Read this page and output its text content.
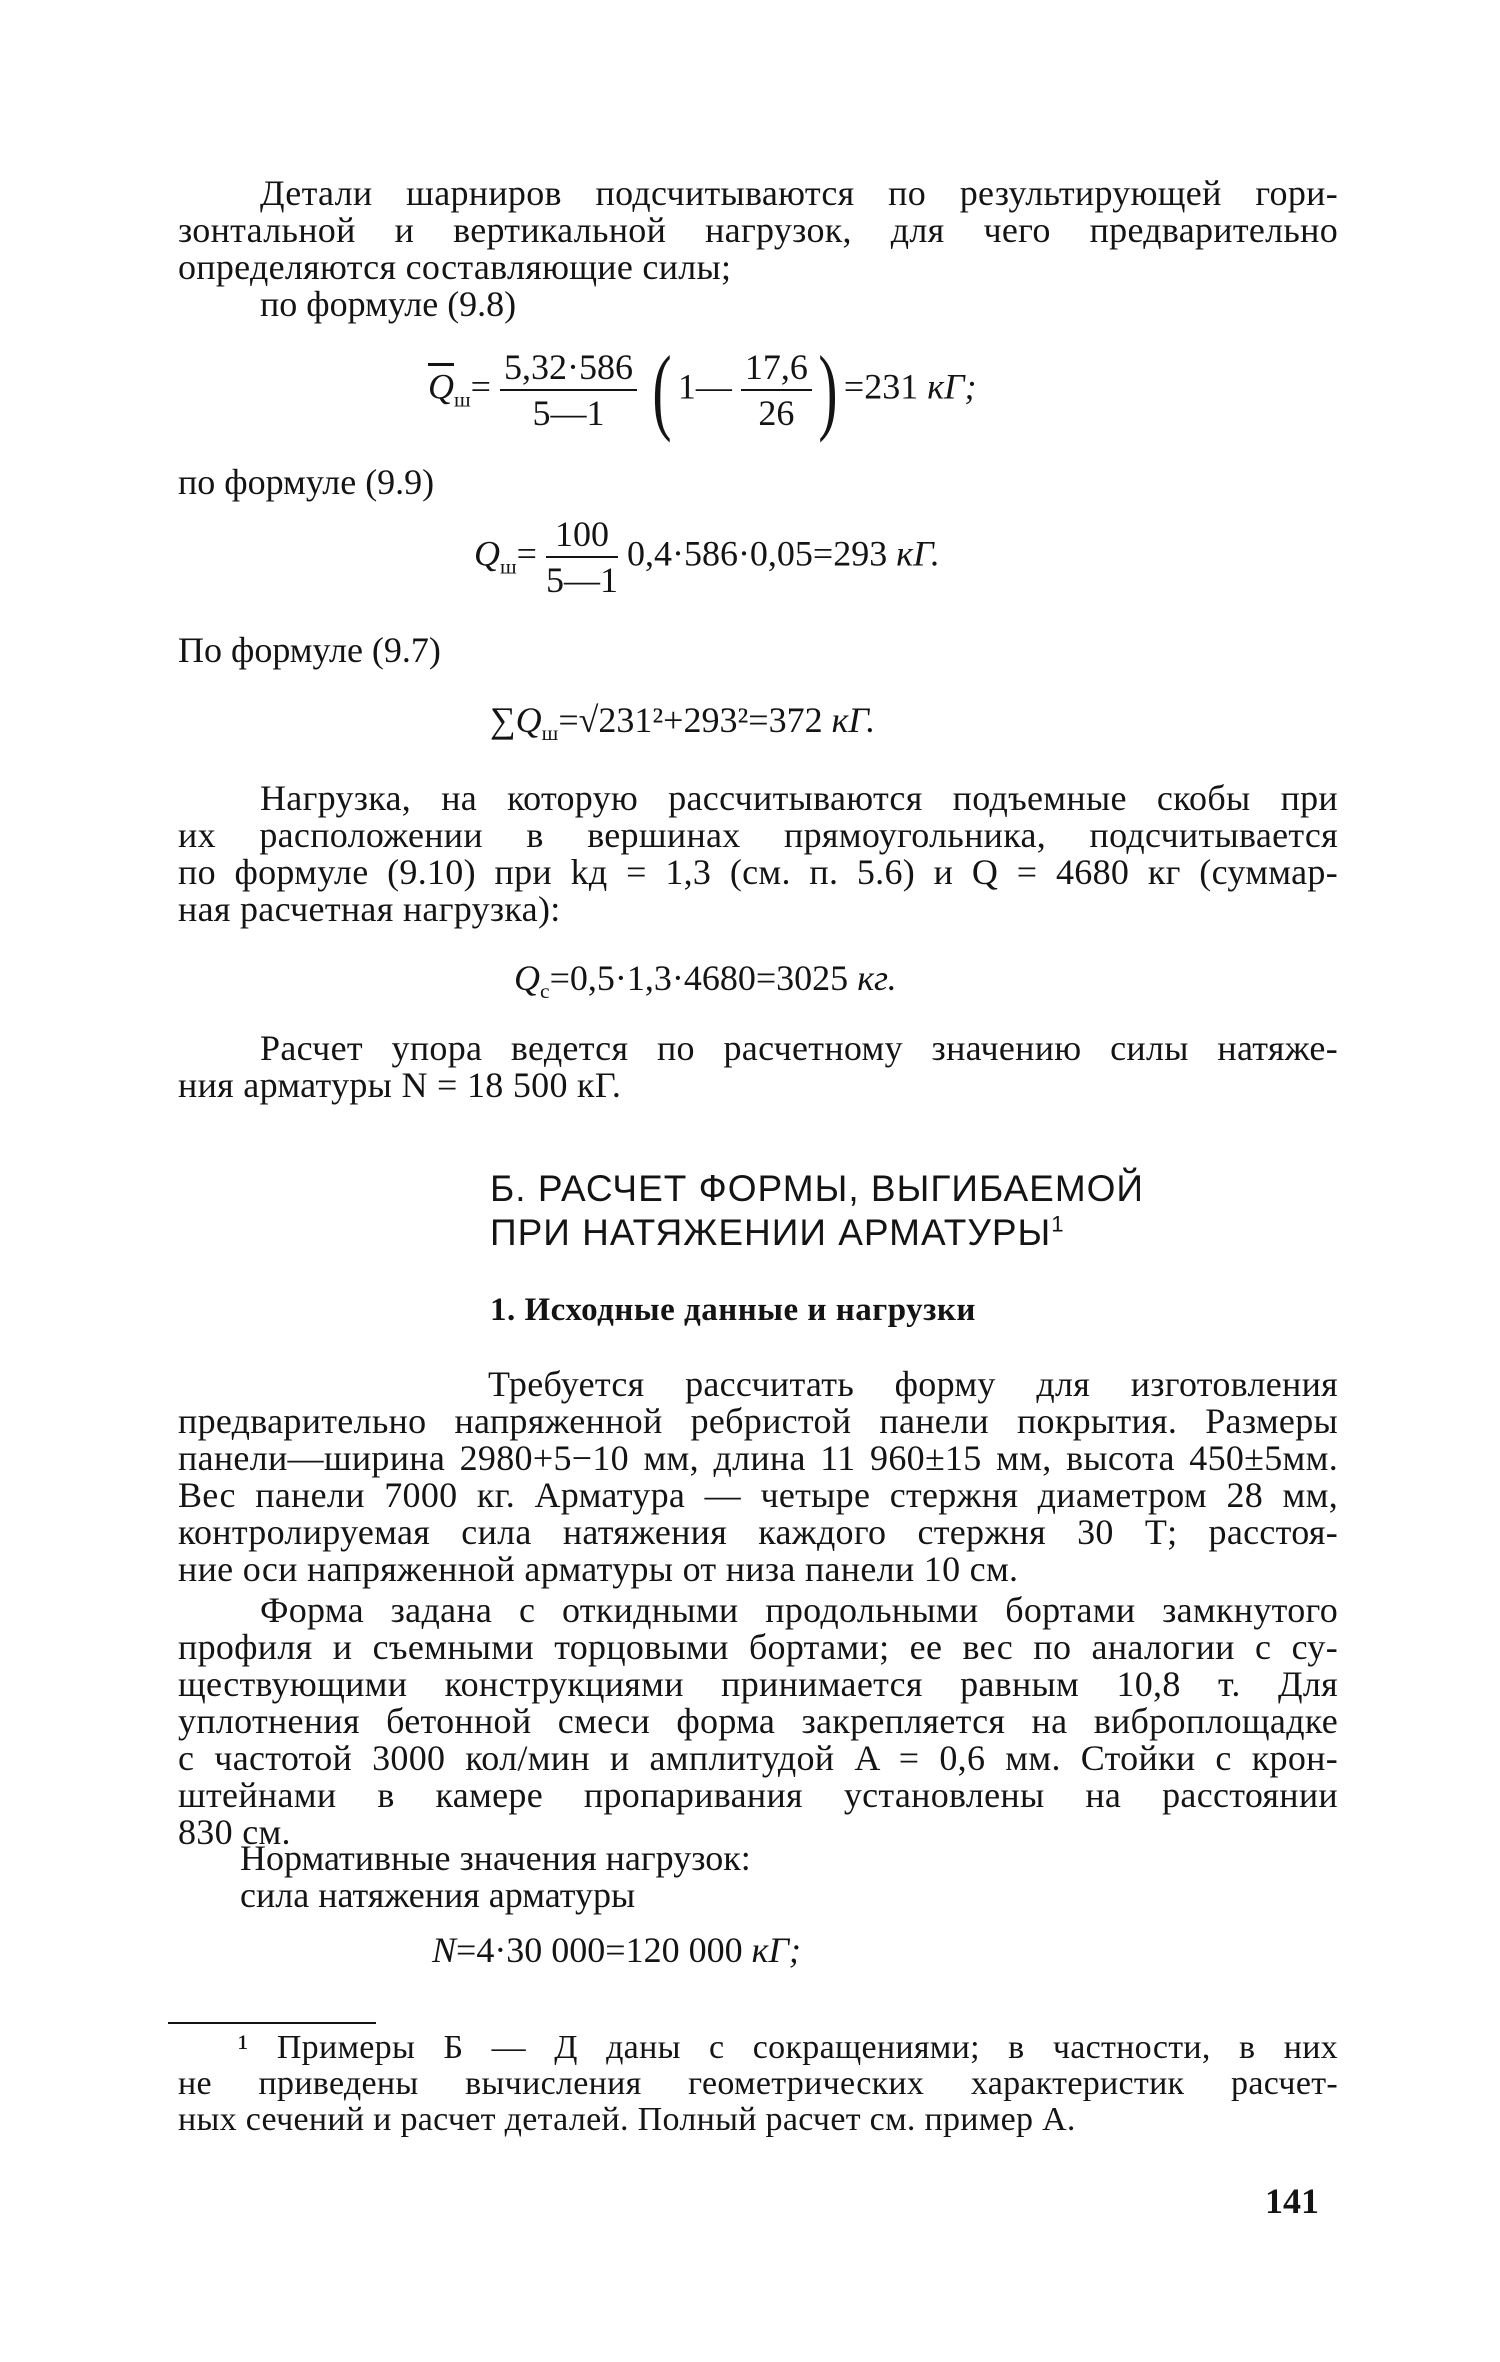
Детали шарниров подсчитываются по результирующей гори-
зонтальной и вертикальной нагрузок, для чего предварительно
определяются составляющие силы;

по формуле (9.8)

$\overline{Q}_ш= \frac{5,32\cdot 586}{5—1}$ ( 1— $\frac{17,6}{26}$ ) =231 кГ;

по формуле (9.9)

$Q_ш= \frac{100}{5—1} 0,4\cdot 586\cdot 0,05=293$ кГ.

По формуле (9.7)

$\sum Q_ш=√231^2+293^2=372$ кГ.

Нагрузка, на которую рассчитываются подъемные скобы при
их расположении в вершинах прямоугольника, подсчитывается
по формуле (9.10) при kд = 1,3 (см. п. 5.6) и Q = 4680 кг (суммар-
ная расчетная нагрузка):

$Q_c=0,5\cdot 1,3\cdot 4680=3025$ кг.

Расчет упора ведется по расчетному значению силы натяже-
ния арматуры N = 18 500 кГ.

Б. РАСЧЕТ ФОРМЫ, ВЫГИБАЕМОЙ
ПРИ НАТЯЖЕНИИ АРМАТУРЫ$^1$

1. Исходные данные и нагрузки

Требуется рассчитать форму для изготовления
предварительно напряженной ребристой панели покрытия. Размеры
панели—ширина 2980+5−10 мм, длина 11 960±15 мм, высота 450±5мм.
Вес панели 7000 кг. Арматура — четыре стержня диаметром 28 мм,
контролируемая сила натяжения каждого стержня 30 Т; расстоя-
ние оси напряженной арматуры от низа панели 10 см.

Форма задана с откидными продольными бортами замкнутого
профиля и съемными торцовыми бортами; ее вес по аналогии с су-
ществующими конструкциями принимается равным 10,8 т. Для
уплотнения бетонной смеси форма закрепляется на виброплощадке
с частотой 3000 кол/мин и амплитудой A = 0,6 мм. Стойки с крон-
штейнами в камере пропаривания установлены на расстоянии
830 см.

Нормативные значения нагрузок:

сила натяжения арматуры

N=4·30 000=120 000 кГ;

¹ Примеры Б — Д даны с сокращениями; в частности, в них
не приведены вычисления геометрических характеристик расчет-
ных сечений и расчет деталей. Полный расчет см. пример А.

141
